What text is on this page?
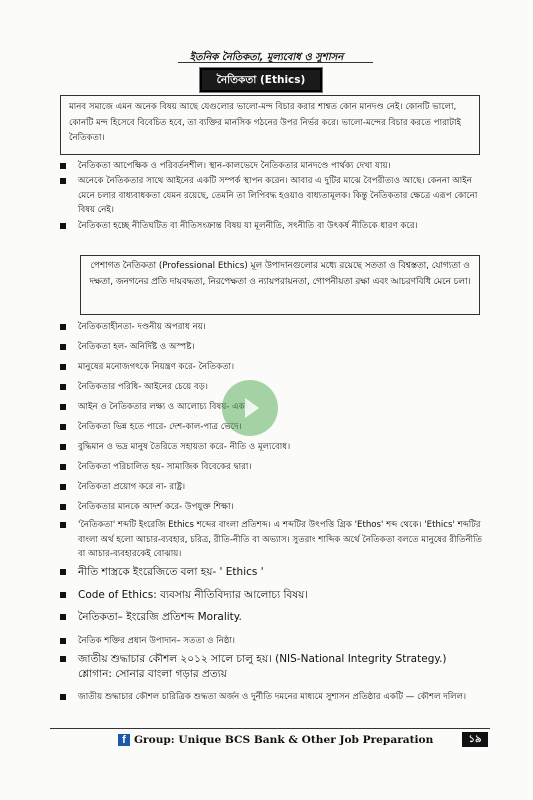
ইতনিক নৈতিকতা, মূল্যবোধ ও সুশাসন
নৈতিকতা (Ethics)
মানব সমাজে এমন অনেক বিষয় আছে যেগুলোর ভালো-মন্দ বিচার করার শাশ্বত কোন মানদণ্ড নেই। কোনটি ভালো, কোনটি মন্দ হিসেবে বিবেচিত হবে, তা ব্যক্তির মানসিক গঠনের উপর নির্ভর করে। ভালো-মন্দের বিচার করতে পারাটাই নৈতিকতা।
নৈতিকতা আপেক্ষিক ও পরিবর্তনশীল। স্থান-কালভেদে নৈতিকতার মানদণ্ডে পার্থক্য দেখা যায়।
অনেকে নৈতিকতার সাথে আইনের একটি সম্পর্ক স্থাপন করেন। আবার এ দুটির মাঝে বৈপরীত্যও আছে। কেননা আইন মেনে চলার বাধ্যবাধকতা যেমন রয়েছে, তেমনি তা লিপিবদ্ধ হওয়াও বাধ্যতামূলক। কিন্তু নৈতিকতার ক্ষেত্রে এরূপ কোনো বিষয় নেই।
নৈতিকতা হচ্ছে নীতিঘটিত বা নীতিসংক্রান্ত বিষয় যা মূলনীতি, সৎনীতি বা উৎকর্ষ নীতিকে ধারণ করে।
পেশাগত নৈতিকতা (Professional Ethics) মূল উপাদানগুলোর মধ্যে রয়েছে সততা ও বিশ্বস্ততা, যোগ্যতা ও দক্ষতা, জনগনের প্রতি দায়বদ্ধতা, নিরপেক্ষতা ও ন্যায়পরায়নতা, গোপনীয়তা রক্ষা এবং আচরণবিধি মেনে চলা।
নৈতিকতাহীনতা- দণ্ডনীয় অপরাধ নয়।
নৈতিকতা হল- অনির্দিষ্ট ও অস্পষ্ট।
মানুষের মনোজগৎকে নিয়ন্ত্রণ করে- নৈতিকতা।
নৈতিকতার পরিধি- আইনের চেয়ে বড়।
আইন ও নৈতিকতার লক্ষ্য ও আলোচ্য বিষয়- একই।
নৈতিকতা ভিন্ন হতে পারে- দেশ-কাল-পাত্র ভেদে।
বুদ্ধিমান ও ভদ্র মানুষ তৈরিতে সহায়তা করে- নীতি ও মূল্যবোধ।
নৈতিকতা পরিচালিত হয়- সামাজিক বিবেকের দ্বারা।
নৈতিকতা প্রয়োগ করে না- রাষ্ট্র।
নৈতিকতার মানকে আদর্শ করে- উপযুক্ত শিক্ষা।
'নৈতিকতা' শব্দটি ইংরেজি Ethics শব্দের বাংলা প্রতিশব্দ। এ শব্দটির উৎপত্তি গ্রিক 'Ethos' শব্দ থেকে। 'Ethics' শব্দটির বাংলা অর্থ হলো আচার-ব্যবহার, চরিত্র, রীতি-নীতি বা অভ্যাস। সুতরাং শাব্দিক অর্থে নৈতিকতা বলতে মানুষের রীতিনীতি বা আচার-ব্যবহারকেই বোঝায়।
নীতি শাস্ত্রকে ইংরেজিতে বলা হয়- ' Ethics '
Code of Ethics: ব্যবসায় নীতিবিদ্যার আলোচ্য বিষয়।
নৈতিকতা– ইংরেজি প্রতিশব্দ Morality.
নৈতিক শক্তির প্রধান উপাদান– সততা ও নিষ্ঠা।
জাতীয় শুদ্ধাচার কৌশল ২০১২ সালে চালু হয়। (NIS-National Integrity Strategy.) শ্লোগান: সোনার বাংলা গড়ার প্রত্যয়
জাতীয় শুদ্ধাচার কৌশল চারিত্রিক শুদ্ধতা অর্জন ও দুর্নীতি দমনের মাধ্যমে সুশাসন প্রতিষ্ঠার একটি — কৌশল দলিল।
f Group: Unique BCS Bank & Other Job Preparation	১৯
